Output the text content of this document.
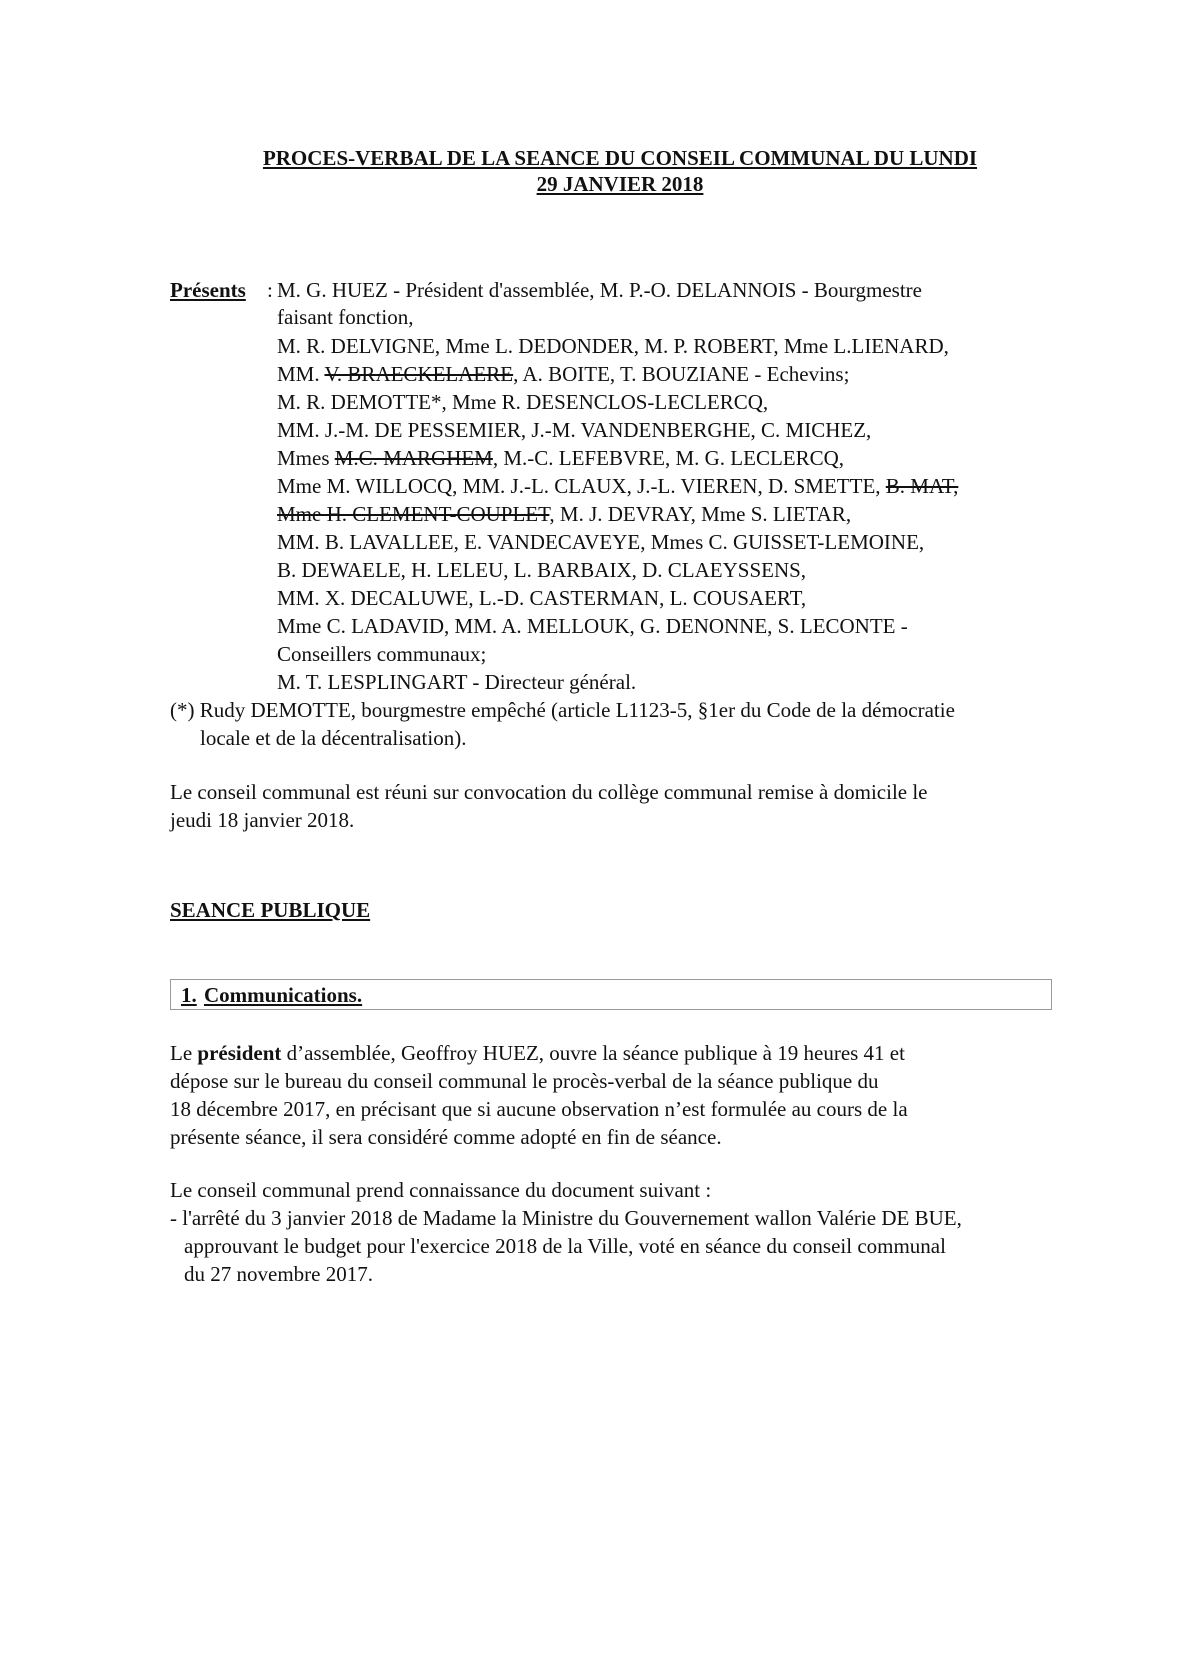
PROCES-VERBAL DE LA SEANCE DU CONSEIL COMMUNAL DU LUNDI
29 JANVIER 2018
Présents : M. G. HUEZ - Président d'assemblée, M. P.-O. DELANNOIS - Bourgmestre
faisant fonction,
M. R. DELVIGNE, Mme L. DEDONDER, M. P. ROBERT, Mme L.LIENARD,
MM. V. BRAECKELAERE, A. BOITE, T. BOUZIANE - Echevins;
M. R. DEMOTTE*, Mme R. DESENCLOS-LECLERCQ,
MM. J.-M. DE PESSEMIER, J.-M. VANDENBERGHE, C. MICHEZ,
Mmes M.C. MARGHEM, M.-C. LEFEBVRE, M. G. LECLERCQ,
Mme M. WILLOCQ, MM. J.-L. CLAUX, J.-L. VIEREN, D. SMETTE, B. MAT,
Mme H. CLEMENT-COUPLET, M. J. DEVRAY, Mme S. LIETAR,
MM. B. LAVALLEE, E. VANDECAVEYE, Mmes C. GUISSET-LEMOINE,
B. DEWAELE, H. LELEU, L. BARBAIX, D. CLAEYSSENS,
MM. X. DECALUWE, L.-D. CASTERMAN, L. COUSAERT,
Mme C. LADAVID, MM. A. MELLOUK, G. DENONNE, S. LECONTE -
Conseillers communaux;
M. T. LESPLINGART - Directeur général.
(*) Rudy DEMOTTE, bourgmestre empêché (article L1123-5, §1er du Code de la démocratie
locale et de la décentralisation).
Le conseil communal est réuni sur convocation du collège communal remise à domicile le
jeudi 18 janvier 2018.
SEANCE PUBLIQUE
1. Communications.
Le président d’assemblée, Geoffroy HUEZ, ouvre la séance publique à 19 heures 41 et
dépose sur le bureau du conseil communal le procès-verbal de la séance publique du
18 décembre 2017, en précisant que si aucune observation n’est formulée au cours de la
présente séance, il sera considéré comme adopté en fin de séance.
Le conseil communal prend connaissance du document suivant :
- l'arrêté du 3 janvier 2018 de Madame la Ministre du Gouvernement wallon Valérie DE BUE,
approuvant le budget pour l'exercice 2018 de la Ville, voté en séance du conseil communal
du 27 novembre 2017.
